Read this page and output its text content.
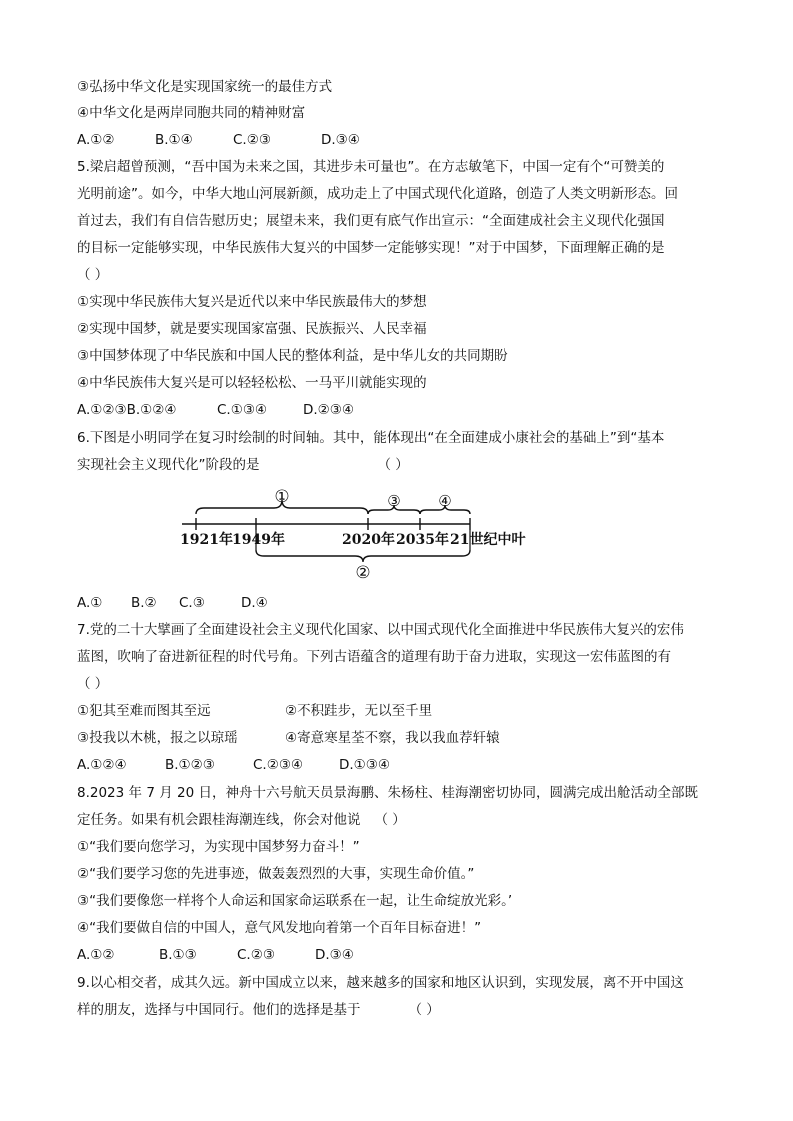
③弘扬中华文化是实现国家统一的最佳方式
④中华文化是两岸同胞共同的精神财富
A.①②	B.①④	C.②③	D.③④
5.梁启超曾预测，“吾中国为未来之国，其进步未可量也”。在方志敏笔下，中国一定有个“可赞美的
光明前途”。如今，中华大地山河展新颜，成功走上了中国式现代化道路，创造了人类文明新形态。回
首过去，我们有自信告慰历史；展望未来，我们更有底气作出宣示：“全面建成社会主义现代化强国
的目标一定能够实现，中华民族伟大复兴的中国梦一定能够实现！”对于中国梦，下面理解正确的是
（ ）
①实现中华民族伟大复兴是近代以来中华民族最伟大的梦想
②实现中国梦，就是要实现国家富强、民族振兴、人民幸福
③中国梦体现了中华民族和中国人民的整体利益，是中华儿女的共同期盼
④中华民族伟大复兴是可以轻轻松松、一马平川就能实现的
A.①②③B.①②④	C.①③④	D.②③④
6.下图是小明同学在复习时绘制的时间轴。其中，能体现出“在全面建成小康社会的基础上”到“基本
实现社会主义现代化”阶段的是	（ ）
①	③	④
②
1921年 1949年	2020年 2035年 21世纪中叶
A.① B.② C.③	D.④
7.党的二十大擘画了全面建设社会主义现代化国家、以中国式现代化全面推进中华民族伟大复兴的宏伟
蓝图，吹响了奋进新征程的时代号角。下列古语蕴含的道理有助于奋力进取，实现这一宏伟蓝图的有
（ ）
①犯其至难而图其至远	②不积跬步，无以至千里
③投我以木桃，报之以琼瑶	④寄意寒星荃不察，我以我血荐轩辕
A.①②④	B.①②③	C.②③④	D.①③④
8.2023 年 7 月 20 日，神舟十六号航天员景海鹏、朱杨柱、桂海潮密切协同，圆满完成出舱活动全部既
定任务。如果有机会跟桂海潮连线，你会对他说 （ ）
①“我们要向您学习，为实现中国梦努力奋斗！”
②“我们要学习您的先进事迹，做轰轰烈烈的大事，实现生命价值。”
③“我们要像您一样将个人命运和国家命运联系在一起，让生命绽放光彩。’
④“我们要做自信的中国人，意气风发地向着第一个百年目标奋进！”
A.①②	B.①③	C.②③	D.③④
9.以心相交者，成其久远。新中国成立以来，越来越多的国家和地区认识到，实现发展，离不开中国这
样的朋友，选择与中国同行。他们的选择是基于	（ ）
